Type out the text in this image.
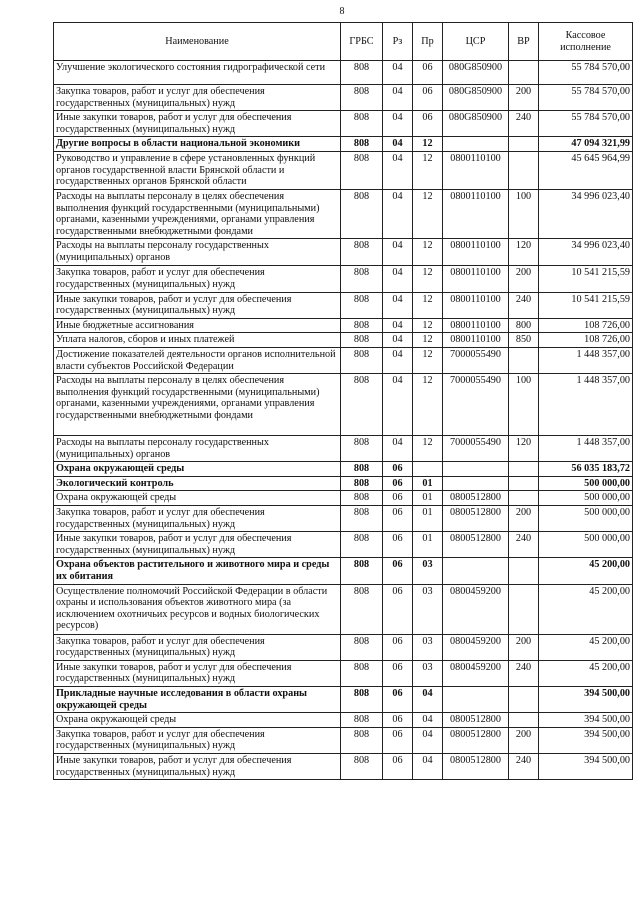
8
Наименование	ГРБС	Рз	Пр	ЦСР	ВР	Кассовое исполнение
Улучшение экологического состояния гидрографической сети	808	04	06	080G850900		55 784 570,00
Закупка товаров, работ и услуг для обеспечения государственных (муниципальных) нужд	808	04	06	080G850900	200	55 784 570,00
Иные закупки товаров, работ и услуг для обеспечения государственных (муниципальных) нужд	808	04	06	080G850900	240	55 784 570,00
Другие вопросы в области национальной экономики	808	04	12			47 094 321,99
Руководство и управление в сфере установленных функций органов государственной власти Брянской области и государственных органов Брянской области	808	04	12	0800110100		45 645 964,99
Расходы на выплаты персоналу в целях обеспечения выполнения функций государственными (муниципальными) органами, казенными учреждениями, органами управления государственными внебюджетными фондами	808	04	12	0800110100	100	34 996 023,40
Расходы на выплаты персоналу государственных (муниципальных) органов	808	04	12	0800110100	120	34 996 023,40
Закупка товаров, работ и услуг для обеспечения государственных (муниципальных) нужд	808	04	12	0800110100	200	10 541 215,59
Иные закупки товаров, работ и услуг для обеспечения государственных (муниципальных) нужд	808	04	12	0800110100	240	10 541 215,59
Иные бюджетные ассигнования	808	04	12	0800110100	800	108 726,00
Уплата налогов, сборов и иных платежей	808	04	12	0800110100	850	108 726,00
Достижение показателей деятельности органов исполнительной власти субъектов Российской Федерации	808	04	12	7000055490		1 448 357,00
Расходы на выплаты персоналу в целях обеспечения выполнения функций государственными (муниципальными) органами, казенными учреждениями, органами управления государственными внебюджетными фондами	808	04	12	7000055490	100	1 448 357,00
Расходы на выплаты персоналу государственных (муниципальных) органов	808	04	12	7000055490	120	1 448 357,00
Охрана окружающей среды	808	06				56 035 183,72
Экологический контроль	808	06	01			500 000,00
Охрана окружающей среды	808	06	01	0800512800		500 000,00
Закупка товаров, работ и услуг для обеспечения государственных (муниципальных) нужд	808	06	01	0800512800	200	500 000,00
Иные закупки товаров, работ и услуг для обеспечения государственных (муниципальных) нужд	808	06	01	0800512800	240	500 000,00
Охрана объектов растительного и животного мира и среды их обитания	808	06	03			45 200,00
Осуществление полномочий Российской Федерации в области охраны и использования объектов животного мира (за исключением охотничьих ресурсов и водных биологических ресурсов)	808	06	03	0800459200		45 200,00
Закупка товаров, работ и услуг для обеспечения государственных (муниципальных) нужд	808	06	03	0800459200	200	45 200,00
Иные закупки товаров, работ и услуг для обеспечения государственных (муниципальных) нужд	808	06	03	0800459200	240	45 200,00
Прикладные научные исследования в области охраны окружающей среды	808	06	04			394 500,00
Охрана окружающей среды	808	06	04	0800512800		394 500,00
Закупка товаров, работ и услуг для обеспечения государственных (муниципальных) нужд	808	06	04	0800512800	200	394 500,00
Иные закупки товаров, работ и услуг для обеспечения государственных (муниципальных) нужд	808	06	04	0800512800	240	394 500,00
